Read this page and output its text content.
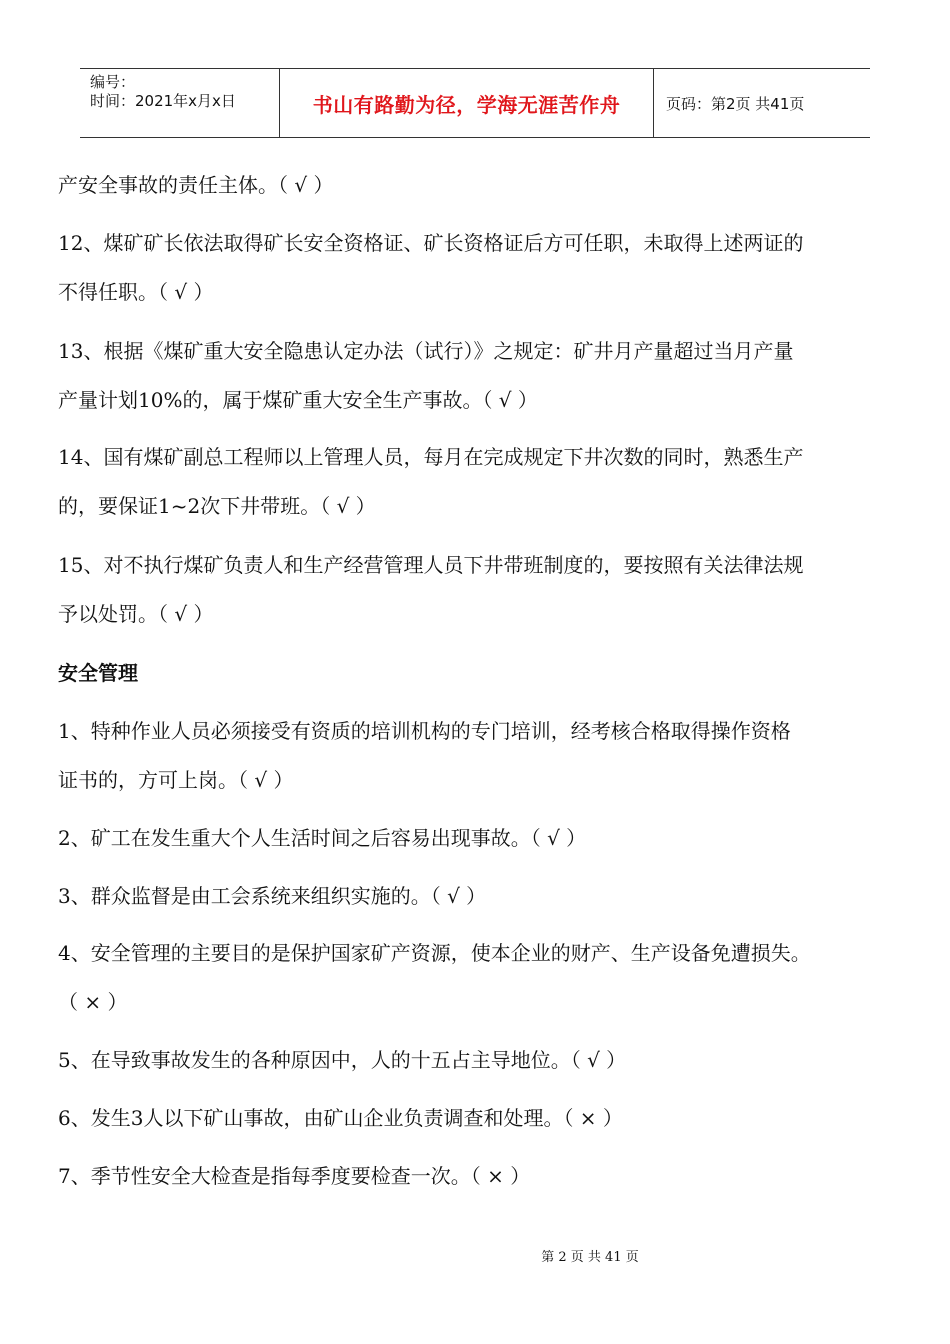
编号：
时间：2021年x月x日	书山有路勤为径，学海无涯苦作舟	页码：第2页 共41页
产安全事故的责任主体。（ √ ）
12、煤矿矿长依法取得矿长安全资格证、矿长资格证后方可任职，未取得上述两证的
不得任职。（ √ ）
13、根据《煤矿重大安全隐患认定办法（试行）》之规定：矿井月产量超过当月产量
产量计划10%的，属于煤矿重大安全生产事故。（ √ ）
14、国有煤矿副总工程师以上管理人员，每月在完成规定下井次数的同时，熟悉生产
的，要保证1~2次下井带班。（ √ ）
15、对不执行煤矿负责人和生产经营管理人员下井带班制度的，要按照有关法律法规
予以处罚。（ √ ）
安全管理
1、特种作业人员必须接受有资质的培训机构的专门培训，经考核合格取得操作资格
证书的，方可上岗。（ √ ）
2、矿工在发生重大个人生活时间之后容易出现事故。（ √ ）
3、群众监督是由工会系统来组织实施的。（ √ ）
4、安全管理的主要目的是保护国家矿产资源，使本企业的财产、生产设备免遭损失。
（ × ）
5、在导致事故发生的各种原因中，人的十五占主导地位。（ √ ）
6、发生3人以下矿山事故，由矿山企业负责调查和处理。（ × ）
7、季节性安全大检查是指每季度要检查一次。（ × ）
第 2 页 共 41 页
